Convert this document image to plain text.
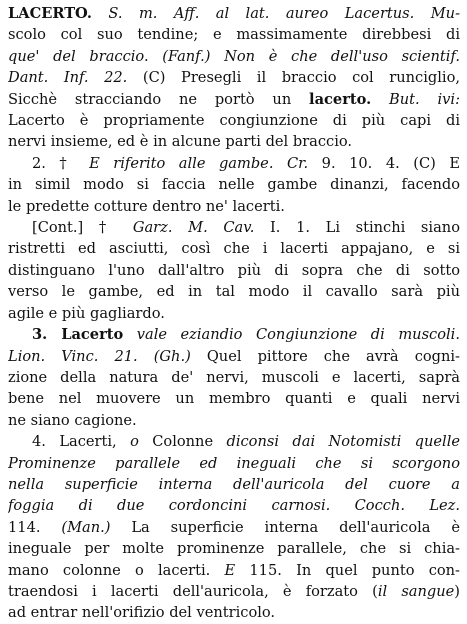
LACERTO. S. m. Aff. al lat. aureo Lacertus. Mu-
scolo col suo tendine; e massimamente direbbesi di
que' del braccio. (Fanf.) Non è che dell'uso scientif.
Dant. Inf. 22. (C) Presegli il braccio col runciglio,
Sicchè stracciando ne portò un lacerto. But. ivi:
Lacerto è propriamente congiunzione di più capi di
nervi insieme, ed è in alcune parti del braccio.
2. † E riferito alle gambe. Cr. 9. 10. 4. (C) E
in simil modo si faccia nelle gambe dinanzi, facendo
le predette cotture dentro ne' lacerti.
[Cont.] † Garz. M. Cav. I. 1. Li stinchi siano
ristretti ed asciutti, così che i lacerti appajano, e si
distinguano l'uno dall'altro più di sopra che di sotto
verso le gambe, ed in tal modo il cavallo sarà più
agile e più gagliardo.
3. Lacerto vale eziandio Congiunzione di muscoli.
Lion. Vinc. 21. (Gh.) Quel pittore che avrà cogni-
zione della natura de' nervi, muscoli e lacerti, saprà
bene nel muovere un membro quanti e quali nervi
ne siano cagione.
4. Lacerti, o Colonne diconsi dai Notomisti quelle
Prominenze parallele ed ineguali che si scorgono
nella superficie interna dell'auricola del cuore a
foggia di due cordoncini carnosi. Cocch. Lez.
114. (Man.) La superficie interna dell'auricola è
ineguale per molte prominenze parallele, che si chia-
mano colonne o lacerti. E 115. In quel punto con-
traendosi i lacerti dell'auricola, è forzato (il sangue)
ad entrar nell'orifizio del ventricolo.
